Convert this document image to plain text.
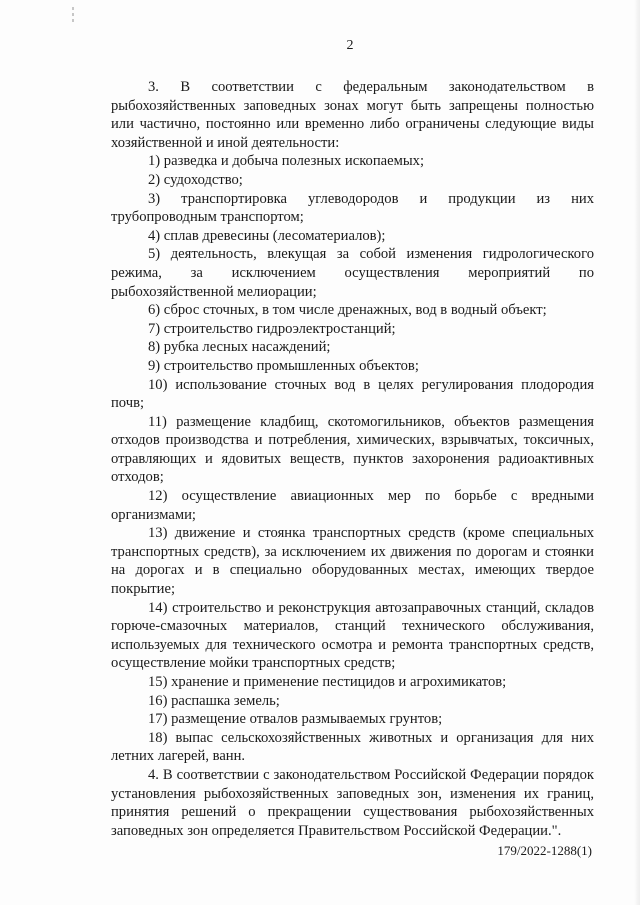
2

3. В соответствии с федеральным законодательством в рыбохозяйственных заповедных зонах могут быть запрещены полностью или частично, постоянно или временно либо ограничены следующие виды хозяйственной и иной деятельности:

1) разведка и добыча полезных ископаемых;

2) судоходство;

3) транспортировка углеводородов и продукции из них трубопроводным транспортом;

4) сплав древесины (лесоматериалов);

5) деятельность, влекущая за собой изменения гидрологического режима, за исключением осуществления мероприятий по рыбохозяйственной мелиорации;

6) сброс сточных, в том числе дренажных, вод в водный объект;

7) строительство гидроэлектростанций;

8) рубка лесных насаждений;

9) строительство промышленных объектов;

10) использование сточных вод в целях регулирования плодородия почв;

11) размещение кладбищ, скотомогильников, объектов размещения отходов производства и потребления, химических, взрывчатых, токсичных, отравляющих и ядовитых веществ, пунктов захоронения радиоактивных отходов;

12) осуществление авиационных мер по борьбе с вредными организмами;

13) движение и стоянка транспортных средств (кроме специальных транспортных средств), за исключением их движения по дорогам и стоянки на дорогах и в специально оборудованных местах, имеющих твердое покрытие;

14) строительство и реконструкция автозаправочных станций, складов горюче-смазочных материалов, станций технического обслуживания, используемых для технического осмотра и ремонта транспортных средств, осуществление мойки транспортных средств;

15) хранение и применение пестицидов и агрохимикатов;

16) распашка земель;

17) размещение отвалов размываемых грунтов;

18) выпас сельскохозяйственных животных и организация для них летних лагерей, ванн.

4. В соответствии с законодательством Российской Федерации порядок установления рыбохозяйственных заповедных зон, изменения их границ, принятия решений о прекращении существования рыбохозяйственных заповедных зон определяется Правительством Российской Федерации.".

179/2022-1288(1)
